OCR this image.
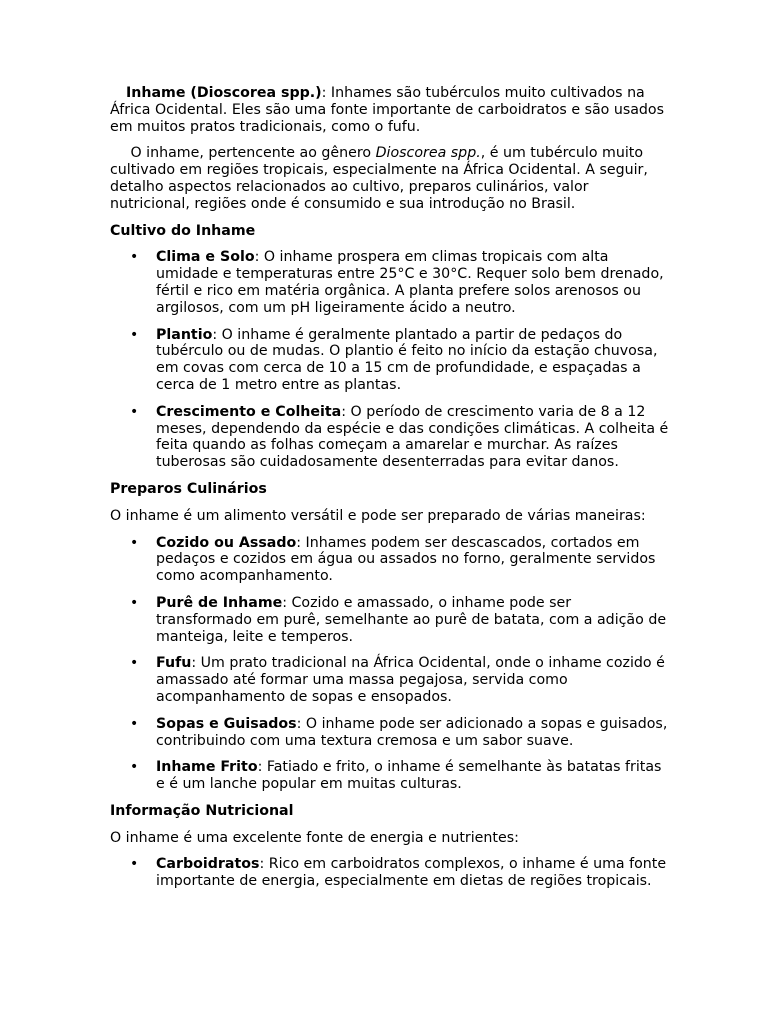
Inhame (Dioscorea spp.): Inhames são tubérculos muito cultivados na África Ocidental. Eles são uma fonte importante de carboidratos e são usados em muitos pratos tradicionais, como o fufu.

O inhame, pertencente ao gênero Dioscorea spp., é um tubérculo muito cultivado em regiões tropicais, especialmente na África Ocidental. A seguir, detalho aspectos relacionados ao cultivo, preparos culinários, valor nutricional, regiões onde é consumido e sua introdução no Brasil.

Cultivo do Inhame
• Clima e Solo: O inhame prospera em climas tropicais com alta umidade e temperaturas entre 25°C e 30°C. Requer solo bem drenado, fértil e rico em matéria orgânica. A planta prefere solos arenosos ou argilosos, com um pH ligeiramente ácido a neutro.
• Plantio: O inhame é geralmente plantado a partir de pedaços do tubérculo ou de mudas. O plantio é feito no início da estação chuvosa, em covas com cerca de 10 a 15 cm de profundidade, e espaçadas a cerca de 1 metro entre as plantas.
• Crescimento e Colheita: O período de crescimento varia de 8 a 12 meses, dependendo da espécie e das condições climáticas. A colheita é feita quando as folhas começam a amarelar e murchar. As raízes tuberosas são cuidadosamente desenterradas para evitar danos.
Preparos Culinários

O inhame é um alimento versátil e pode ser preparado de várias maneiras:

• Cozido ou Assado: Inhames podem ser descascados, cortados em pedaços e cozidos em água ou assados no forno, geralmente servidos como acompanhamento.
• Purê de Inhame: Cozido e amassado, o inhame pode ser transformado em purê, semelhante ao purê de batata, com a adição de manteiga, leite e temperos.
• Fufu: Um prato tradicional na África Ocidental, onde o inhame cozido é amassado até formar uma massa pegajosa, servida como acompanhamento de sopas e ensopados.
• Sopas e Guisados: O inhame pode ser adicionado a sopas e guisados, contribuindo com uma textura cremosa e um sabor suave.
• Inhame Frito: Fatiado e frito, o inhame é semelhante às batatas fritas e é um lanche popular em muitas culturas.
Informação Nutricional

O inhame é uma excelente fonte de energia e nutrientes:

• Carboidratos: Rico em carboidratos complexos, o inhame é uma fonte importante de energia, especialmente em dietas de regiões tropicais.
